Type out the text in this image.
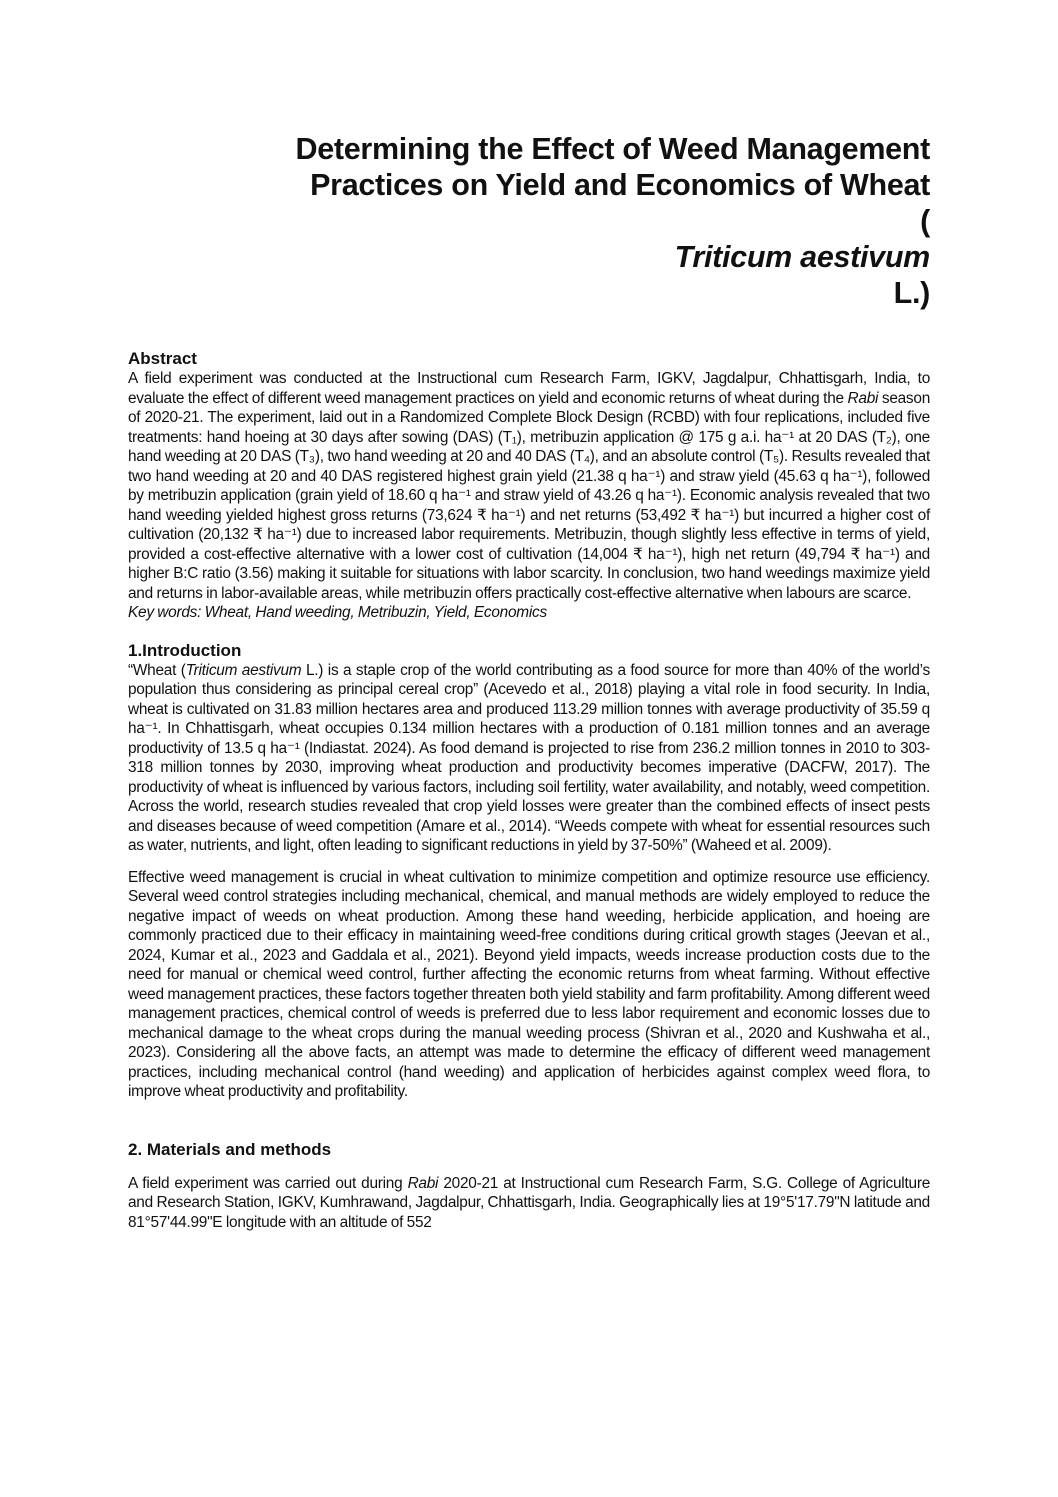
Determining the Effect of Weed Management
Practices on Yield and Economics of Wheat
(
Triticum aestivum
L.)
Abstract

A field experiment was conducted at the Instructional cum Research Farm, IGKV, Jagdalpur, Chhattisgarh, India, to evaluate the effect of different weed management practices on yield and economic returns of wheat during the Rabi season of 2020-21. The experiment, laid out in a Randomized Complete Block Design (RCBD) with four replications, included five treatments: hand hoeing at 30 days after sowing (DAS) (T₁), metribuzin application @ 175 g a.i. ha⁻¹ at 20 DAS (T₂), one hand weeding at 20 DAS (T₃), two hand weeding at 20 and 40 DAS (T₄), and an absolute control (T₅). Results revealed that two hand weeding at 20 and 40 DAS registered highest grain yield (21.38 q ha⁻¹) and straw yield (45.63 q ha⁻¹), followed by metribuzin application (grain yield of 18.60 q ha⁻¹ and straw yield of 43.26 q ha⁻¹). Economic analysis revealed that two hand weeding yielded highest gross returns (73,624 ₹ ha⁻¹) and net returns (53,492 ₹ ha⁻¹) but incurred a higher cost of cultivation (20,132 ₹ ha⁻¹) due to increased labor requirements. Metribuzin, though slightly less effective in terms of yield, provided a cost-effective alternative with a lower cost of cultivation (14,004 ₹ ha⁻¹), high net return (49,794 ₹ ha⁻¹) and higher B:C ratio (3.56) making it suitable for situations with labor scarcity. In conclusion, two hand weedings maximize yield and returns in labor-available areas, while metribuzin offers practically cost-effective alternative when labours are scarce.

Key words: Wheat, Hand weeding, Metribuzin, Yield, Economics

1.Introduction

“Wheat (Triticum aestivum L.) is a staple crop of the world contributing as a food source for more than 40% of the world’s population thus considering as principal cereal crop” (Acevedo et al., 2018) playing a vital role in food security. In India, wheat is cultivated on 31.83 million hectares area and produced 113.29 million tonnes with average productivity of 35.59 q ha⁻¹. In Chhattisgarh, wheat occupies 0.134 million hectares with a production of 0.181 million tonnes and an average productivity of 13.5 q ha⁻¹ (Indiastat. 2024). As food demand is projected to rise from 236.2 million tonnes in 2010 to 303-318 million tonnes by 2030, improving wheat production and productivity becomes imperative (DACFW, 2017). The productivity of wheat is influenced by various factors, including soil fertility, water availability, and notably, weed competition. Across the world, research studies revealed that crop yield losses were greater than the combined effects of insect pests and diseases because of weed competition (Amare et al., 2014). “Weeds compete with wheat for essential resources such as water, nutrients, and light, often leading to significant reductions in yield by 37-50%” (Waheed et al. 2009).

Effective weed management is crucial in wheat cultivation to minimize competition and optimize resource use efficiency. Several weed control strategies including mechanical, chemical, and manual methods are widely employed to reduce the negative impact of weeds on wheat production. Among these hand weeding, herbicide application, and hoeing are commonly practiced due to their efficacy in maintaining weed-free conditions during critical growth stages (Jeevan et al., 2024, Kumar et al., 2023 and Gaddala et al., 2021). Beyond yield impacts, weeds increase production costs due to the need for manual or chemical weed control, further affecting the economic returns from wheat farming. Without effective weed management practices, these factors together threaten both yield stability and farm profitability. Among different weed management practices, chemical control of weeds is preferred due to less labor requirement and economic losses due to mechanical damage to the wheat crops during the manual weeding process (Shivran et al., 2020 and Kushwaha et al., 2023). Considering all the above facts, an attempt was made to determine the efficacy of different weed management practices, including mechanical control (hand weeding) and application of herbicides against complex weed flora, to improve wheat productivity and profitability.

2. Materials and methods

A field experiment was carried out during Rabi 2020-21 at Instructional cum Research Farm, S.G. College of Agriculture and Research Station, IGKV, Kumhrawand, Jagdalpur, Chhattisgarh, India. Geographically lies at 19°5'17.79"N latitude and 81°57'44.99"E longitude with an altitude of 552
